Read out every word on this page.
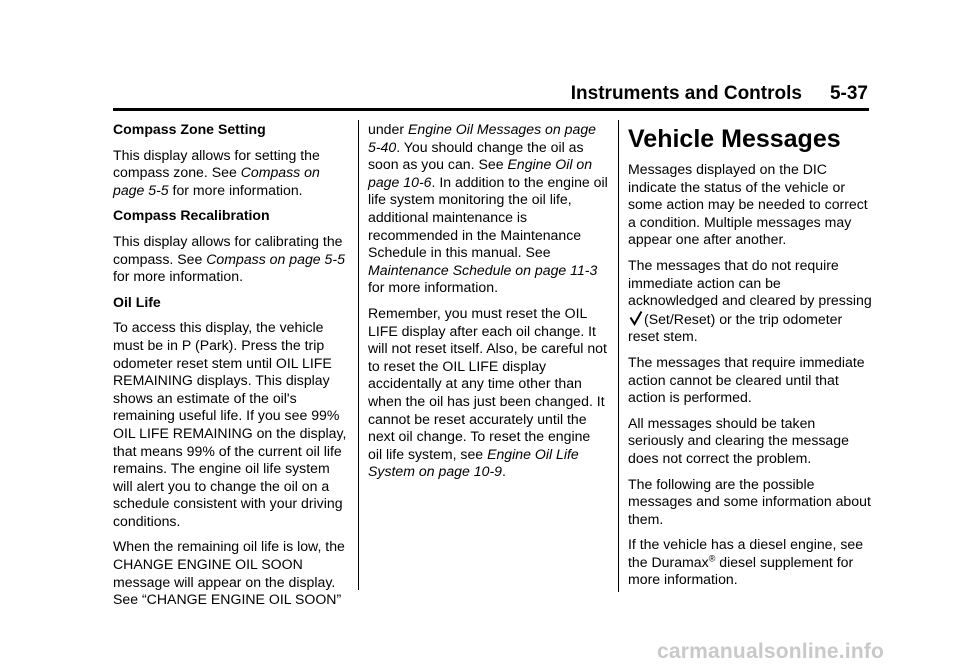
Instruments and Controls 5-37

Compass Zone Setting

This display allows for setting the compass zone. See Compass on page 5-5 for more information.

Compass Recalibration

This display allows for calibrating the compass. See Compass on page 5-5 for more information.

Oil Life

To access this display, the vehicle must be in P (Park). Press the trip odometer reset stem until OIL LIFE REMAINING displays. This display shows an estimate of the oil's remaining useful life. If you see 99% OIL LIFE REMAINING on the display, that means 99% of the current oil life remains. The engine oil life system will alert you to change the oil on a schedule consistent with your driving conditions.

When the remaining oil life is low, the CHANGE ENGINE OIL SOON message will appear on the display. See “CHANGE ENGINE OIL SOON”

under Engine Oil Messages on page 5-40. You should change the oil as soon as you can. See Engine Oil on page 10-6. In addition to the engine oil life system monitoring the oil life, additional maintenance is recommended in the Maintenance Schedule in this manual. See Maintenance Schedule on page 11-3 for more information.

Remember, you must reset the OIL LIFE display after each oil change. It will not reset itself. Also, be careful not to reset the OIL LIFE display accidentally at any time other than when the oil has just been changed. It cannot be reset accurately until the next oil change. To reset the engine oil life system, see Engine Oil Life System on page 10-9.

Vehicle Messages

Messages displayed on the DIC indicate the status of the vehicle or some action may be needed to correct a condition. Multiple messages may appear one after another.

The messages that do not require immediate action can be acknowledged and cleared by pressing(Set/Reset) or the trip odometer reset stem.

The messages that require immediate action cannot be cleared until that action is performed.

All messages should be taken seriously and clearing the message does not correct the problem.

The following are the possible messages and some information about them.

If the vehicle has a diesel engine, see the Duramax® diesel supplement for more information.

carmanualsonline.info
